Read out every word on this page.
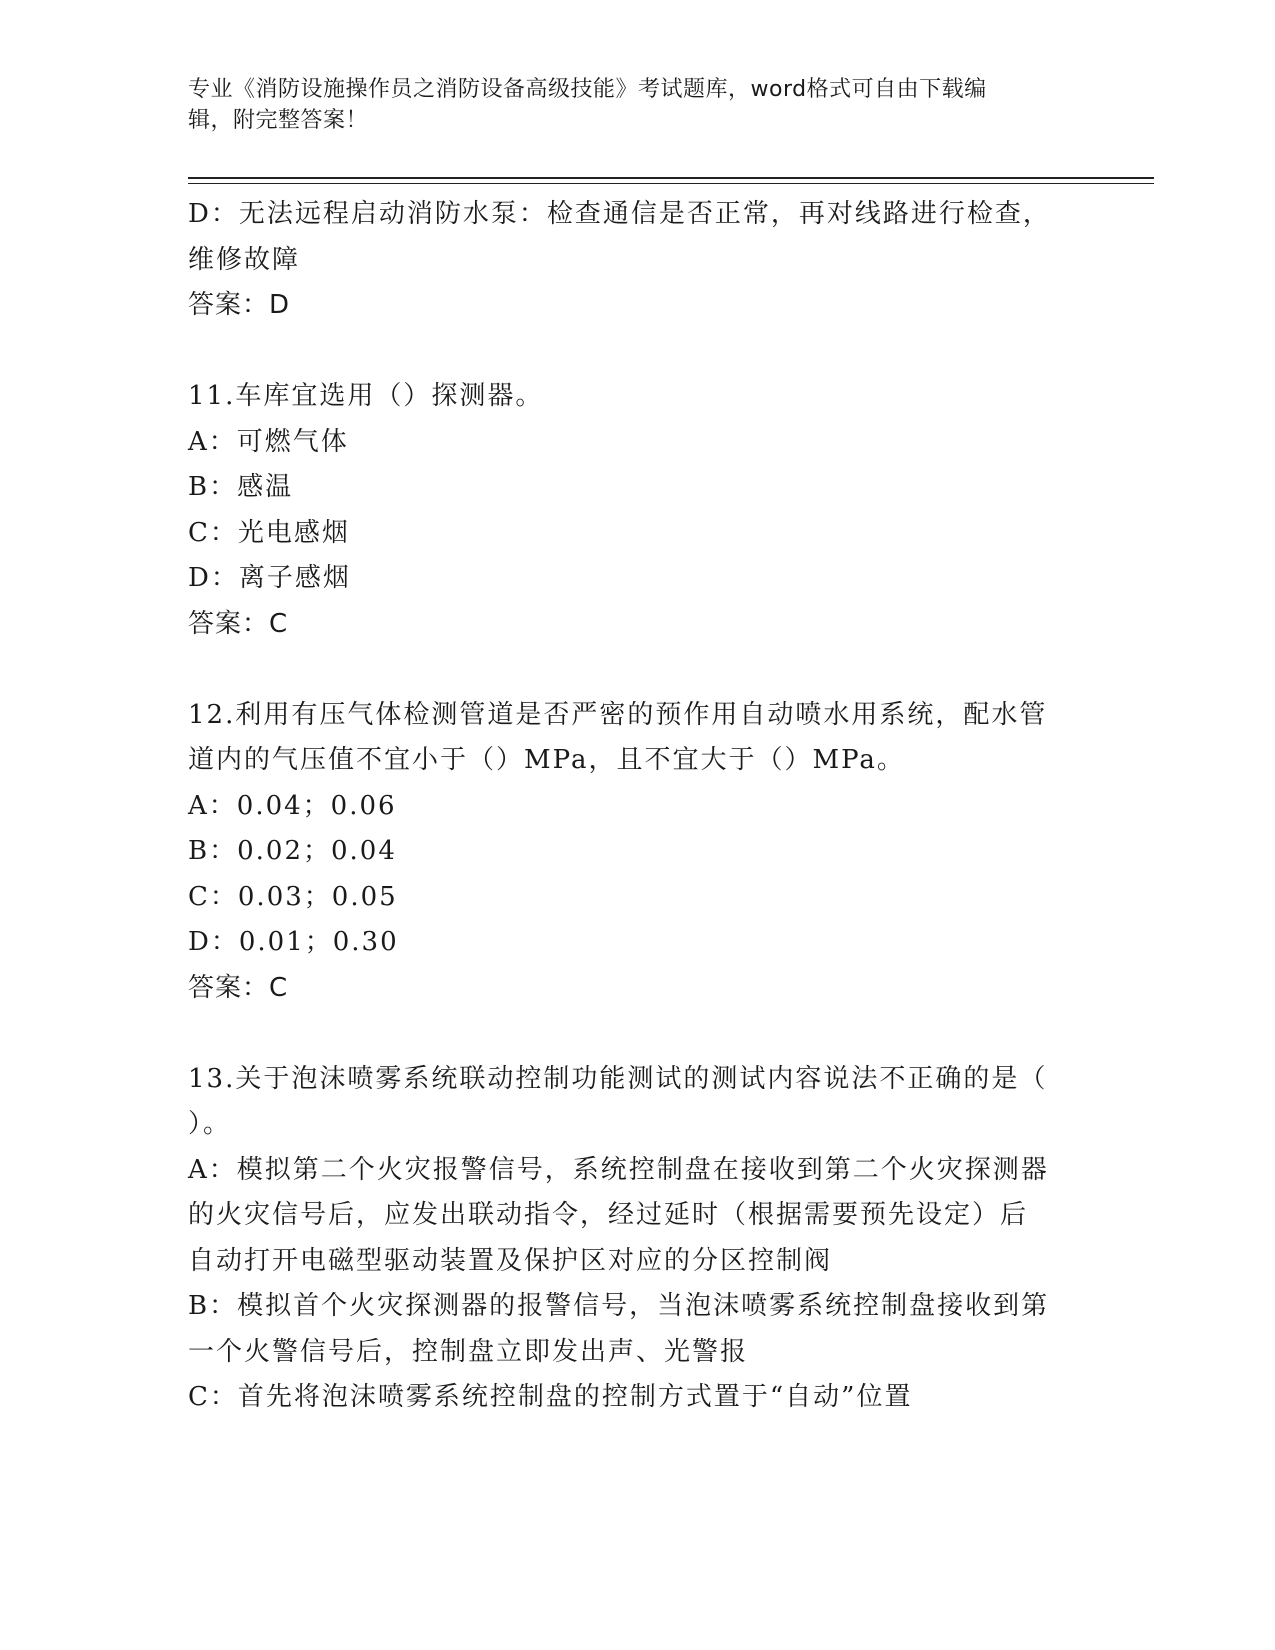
专业《消防设施操作员之消防设备高级技能》考试题库，word格式可自由下载编
辑，附完整答案！
D：无法远程启动消防水泵：检查通信是否正常，再对线路进行检查，
维修故障
答案：D
11.车库宜选用（）探测器。
A：可燃气体
B：感温
C：光电感烟
D：离子感烟
答案：C
12.利用有压气体检测管道是否严密的预作用自动喷水用系统，配水管
道内的气压值不宜小于（）MPa，且不宜大于（）MPa。
A：0.04；0.06
B：0.02；0.04
C：0.03；0.05
D：0.01；0.30
答案：C
13.关于泡沫喷雾系统联动控制功能测试的测试内容说法不正确的是（
）。
A：模拟第二个火灾报警信号，系统控制盘在接收到第二个火灾探测器
的火灾信号后，应发出联动指令，经过延时（根据需要预先设定）后
自动打开电磁型驱动装置及保护区对应的分区控制阀
B：模拟首个火灾探测器的报警信号，当泡沫喷雾系统控制盘接收到第
一个火警信号后，控制盘立即发出声、光警报
C：首先将泡沫喷雾系统控制盘的控制方式置于“自动”位置
